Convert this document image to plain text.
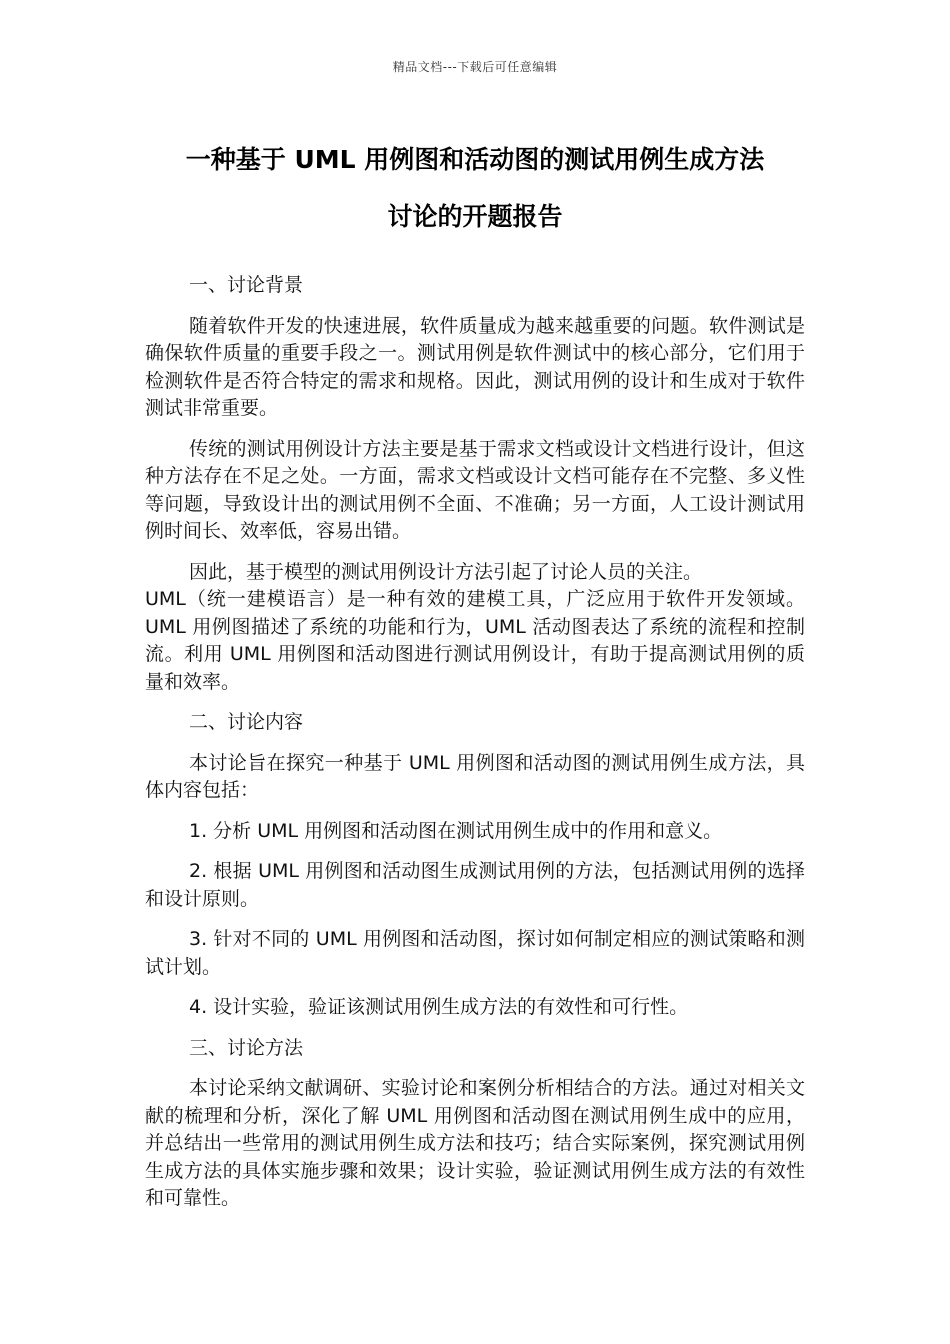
精品文档---下载后可任意编辑
一种基于 UML 用例图和活动图的测试用例生成方法
讨论的开题报告

一、讨论背景

随着软件开发的快速进展，软件质量成为越来越重要的问题。软件测试是确保软件质量的重要手段之一。测试用例是软件测试中的核心部分，它们用于检测软件是否符合特定的需求和规格。因此，测试用例的设计和生成对于软件测试非常重要。

传统的测试用例设计方法主要是基于需求文档或设计文档进行设计，但这种方法存在不足之处。一方面，需求文档或设计文档可能存在不完整、多义性等问题，导致设计出的测试用例不全面、不准确；另一方面，人工设计测试用例时间长、效率低，容易出错。

因此，基于模型的测试用例设计方法引起了讨论人员的关注。

UML（统一建模语言）是一种有效的建模工具，广泛应用于软件开发领域。UML 用例图描述了系统的功能和行为，UML 活动图表达了系统的流程和控制流。利用 UML 用例图和活动图进行测试用例设计，有助于提高测试用例的质量和效率。

二、讨论内容

本讨论旨在探究一种基于 UML 用例图和活动图的测试用例生成方法，具体内容包括：

1. 分析 UML 用例图和活动图在测试用例生成中的作用和意义。

2. 根据 UML 用例图和活动图生成测试用例的方法，包括测试用例的选择和设计原则。

3. 针对不同的 UML 用例图和活动图，探讨如何制定相应的测试策略和测试计划。

4. 设计实验，验证该测试用例生成方法的有效性和可行性。

三、讨论方法

本讨论采纳文献调研、实验讨论和案例分析相结合的方法。通过对相关文献的梳理和分析，深化了解 UML 用例图和活动图在测试用例生成中的应用，并总结出一些常用的测试用例生成方法和技巧；结合实际案例，探究测试用例生成方法的具体实施步骤和效果；设计实验，验证测试用例生成方法的有效性和可靠性。
